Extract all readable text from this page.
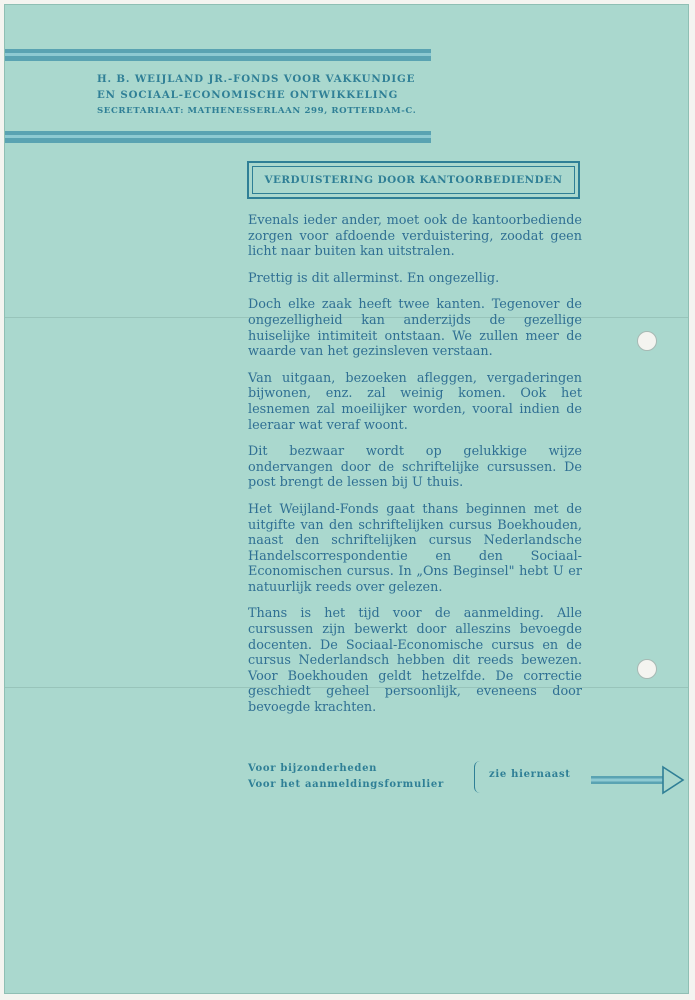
H. B. WEIJLAND JR.-FONDS VOOR VAKKUNDIGE
EN SOCIAAL-ECONOMISCHE ONTWIKKELING
SECRETARIAAT: MATHENESSERLAAN 299, ROTTERDAM-C.
VERDUISTERING DOOR KANTOORBEDIENDEN

Evenals ieder ander, moet ook de kantoorbediende zorgen voor afdoende verduistering, zoodat geen licht naar buiten kan uitstralen.

Prettig is dit allerminst. En ongezellig.

Doch elke zaak heeft twee kanten. Tegenover de ongezelligheid kan anderzijds de gezellige huiselijke intimiteit ontstaan. We zullen meer de waarde van het gezinsleven verstaan.

Van uitgaan, bezoeken afleggen, vergaderingen bijwonen, enz. zal weinig komen. Ook het lesnemen zal moeilijker worden, vooral indien de leeraar wat veraf woont.

Dit bezwaar wordt op gelukkige wijze ondervangen door de schriftelijke cursussen. De post brengt de lessen bij U thuis.

Het Weijland-Fonds gaat thans beginnen met de uitgifte van den schriftelijken cursus Boekhouden, naast den schriftelijken cursus Nederlandsche Handelscorrespondentie en den Sociaal-Economischen cursus. In „Ons Beginsel" hebt U er natuurlijk reeds over gelezen.

Thans is het tijd voor de aanmelding. Alle cursussen zijn bewerkt door alleszins bevoegde docenten. De Sociaal-Economische cursus en de cursus Nederlandsch hebben dit reeds bewezen. Voor Boekhouden geldt hetzelfde. De correctie geschiedt geheel persoonlijk, eveneens door bevoegde krachten.

Voor bijzonderheden
Voor het aanmeldingsformulier
zie hiernaast
